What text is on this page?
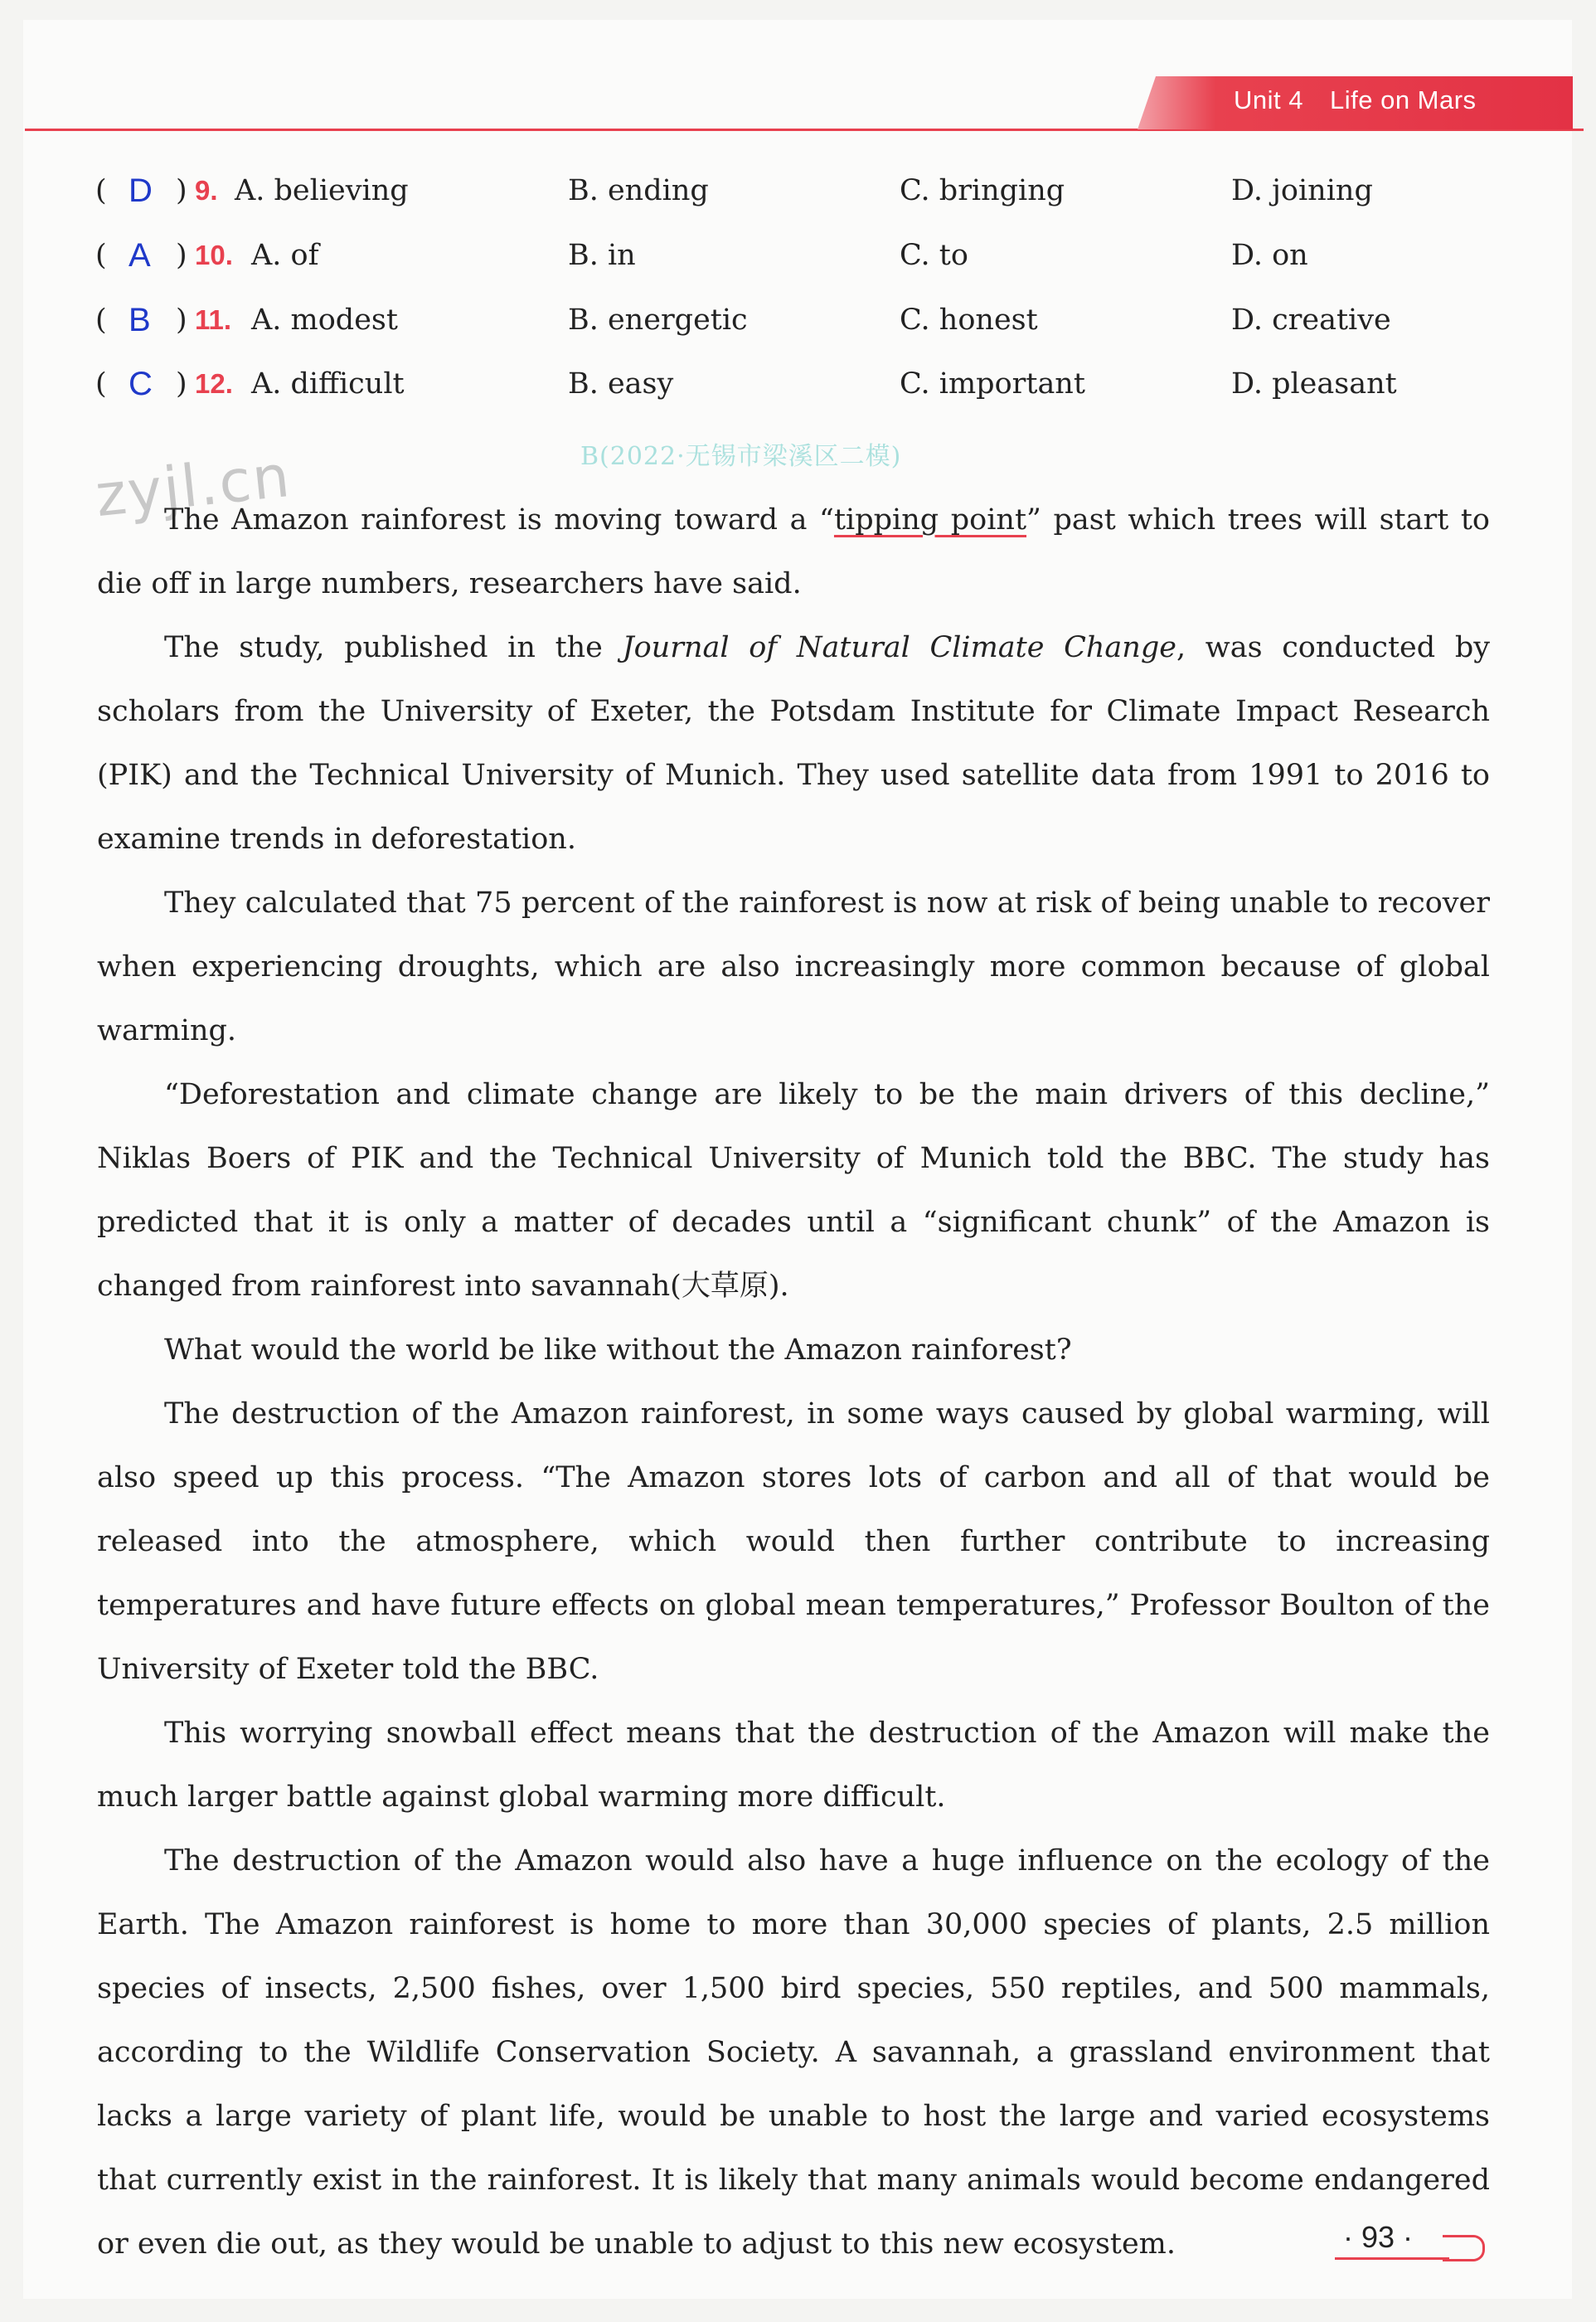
Unit 4 Life on Mars
( D ) 9. A. believing	B. ending	C. bringing	D. joining
( A ) 10. A. of	B. in	C. to	D. on
( B ) 11. A. modest	B. energetic	C. honest	D. creative
( C ) 12. A. difficult	B. easy	C. important	D. pleasant
B(2022·无锡市梁溪区二模)
zyjl.cn

The Amazon rainforest is moving toward a “tipping point” past which trees will start to die off in large numbers, researchers have said.

The study, published in the Journal of Natural Climate Change, was conducted by scholars from the University of Exeter, the Potsdam Institute for Climate Impact Research (PIK) and the Technical University of Munich. They used satellite data from 1991 to 2016 to examine trends in deforestation.

They calculated that 75 percent of the rainforest is now at risk of being unable to recover when experiencing droughts, which are also increasingly more common because of global warming.

“Deforestation and climate change are likely to be the main drivers of this decline,” Niklas Boers of PIK and the Technical University of Munich told the BBC. The study has predicted that it is only a matter of decades until a “significant chunk” of the Amazon is changed from rainforest into savannah(大草原).

What would the world be like without the Amazon rainforest?

The destruction of the Amazon rainforest, in some ways caused by global warming, will also speed up this process. “The Amazon stores lots of carbon and all of that would be released into the atmosphere, which would then further contribute to increasing temperatures and have future effects on global mean temperatures,” Professor Boulton of the University of Exeter told the BBC.

This worrying snowball effect means that the destruction of the Amazon will make the much larger battle against global warming more difficult.

The destruction of the Amazon would also have a huge influence on the ecology of the Earth. The Amazon rainforest is home to more than 30,000 species of plants, 2.5 million species of insects, 2,500 fishes, over 1,500 bird species, 550 reptiles, and 500 mammals, according to the Wildlife Conservation Society. A savannah, a grassland environment that lacks a large variety of plant life, would be unable to host the large and varied ecosystems that currently exist in the rainforest. It is likely that many animals would become endangered or even die out, as they would be unable to adjust to this new ecosystem.	· 93 ·
